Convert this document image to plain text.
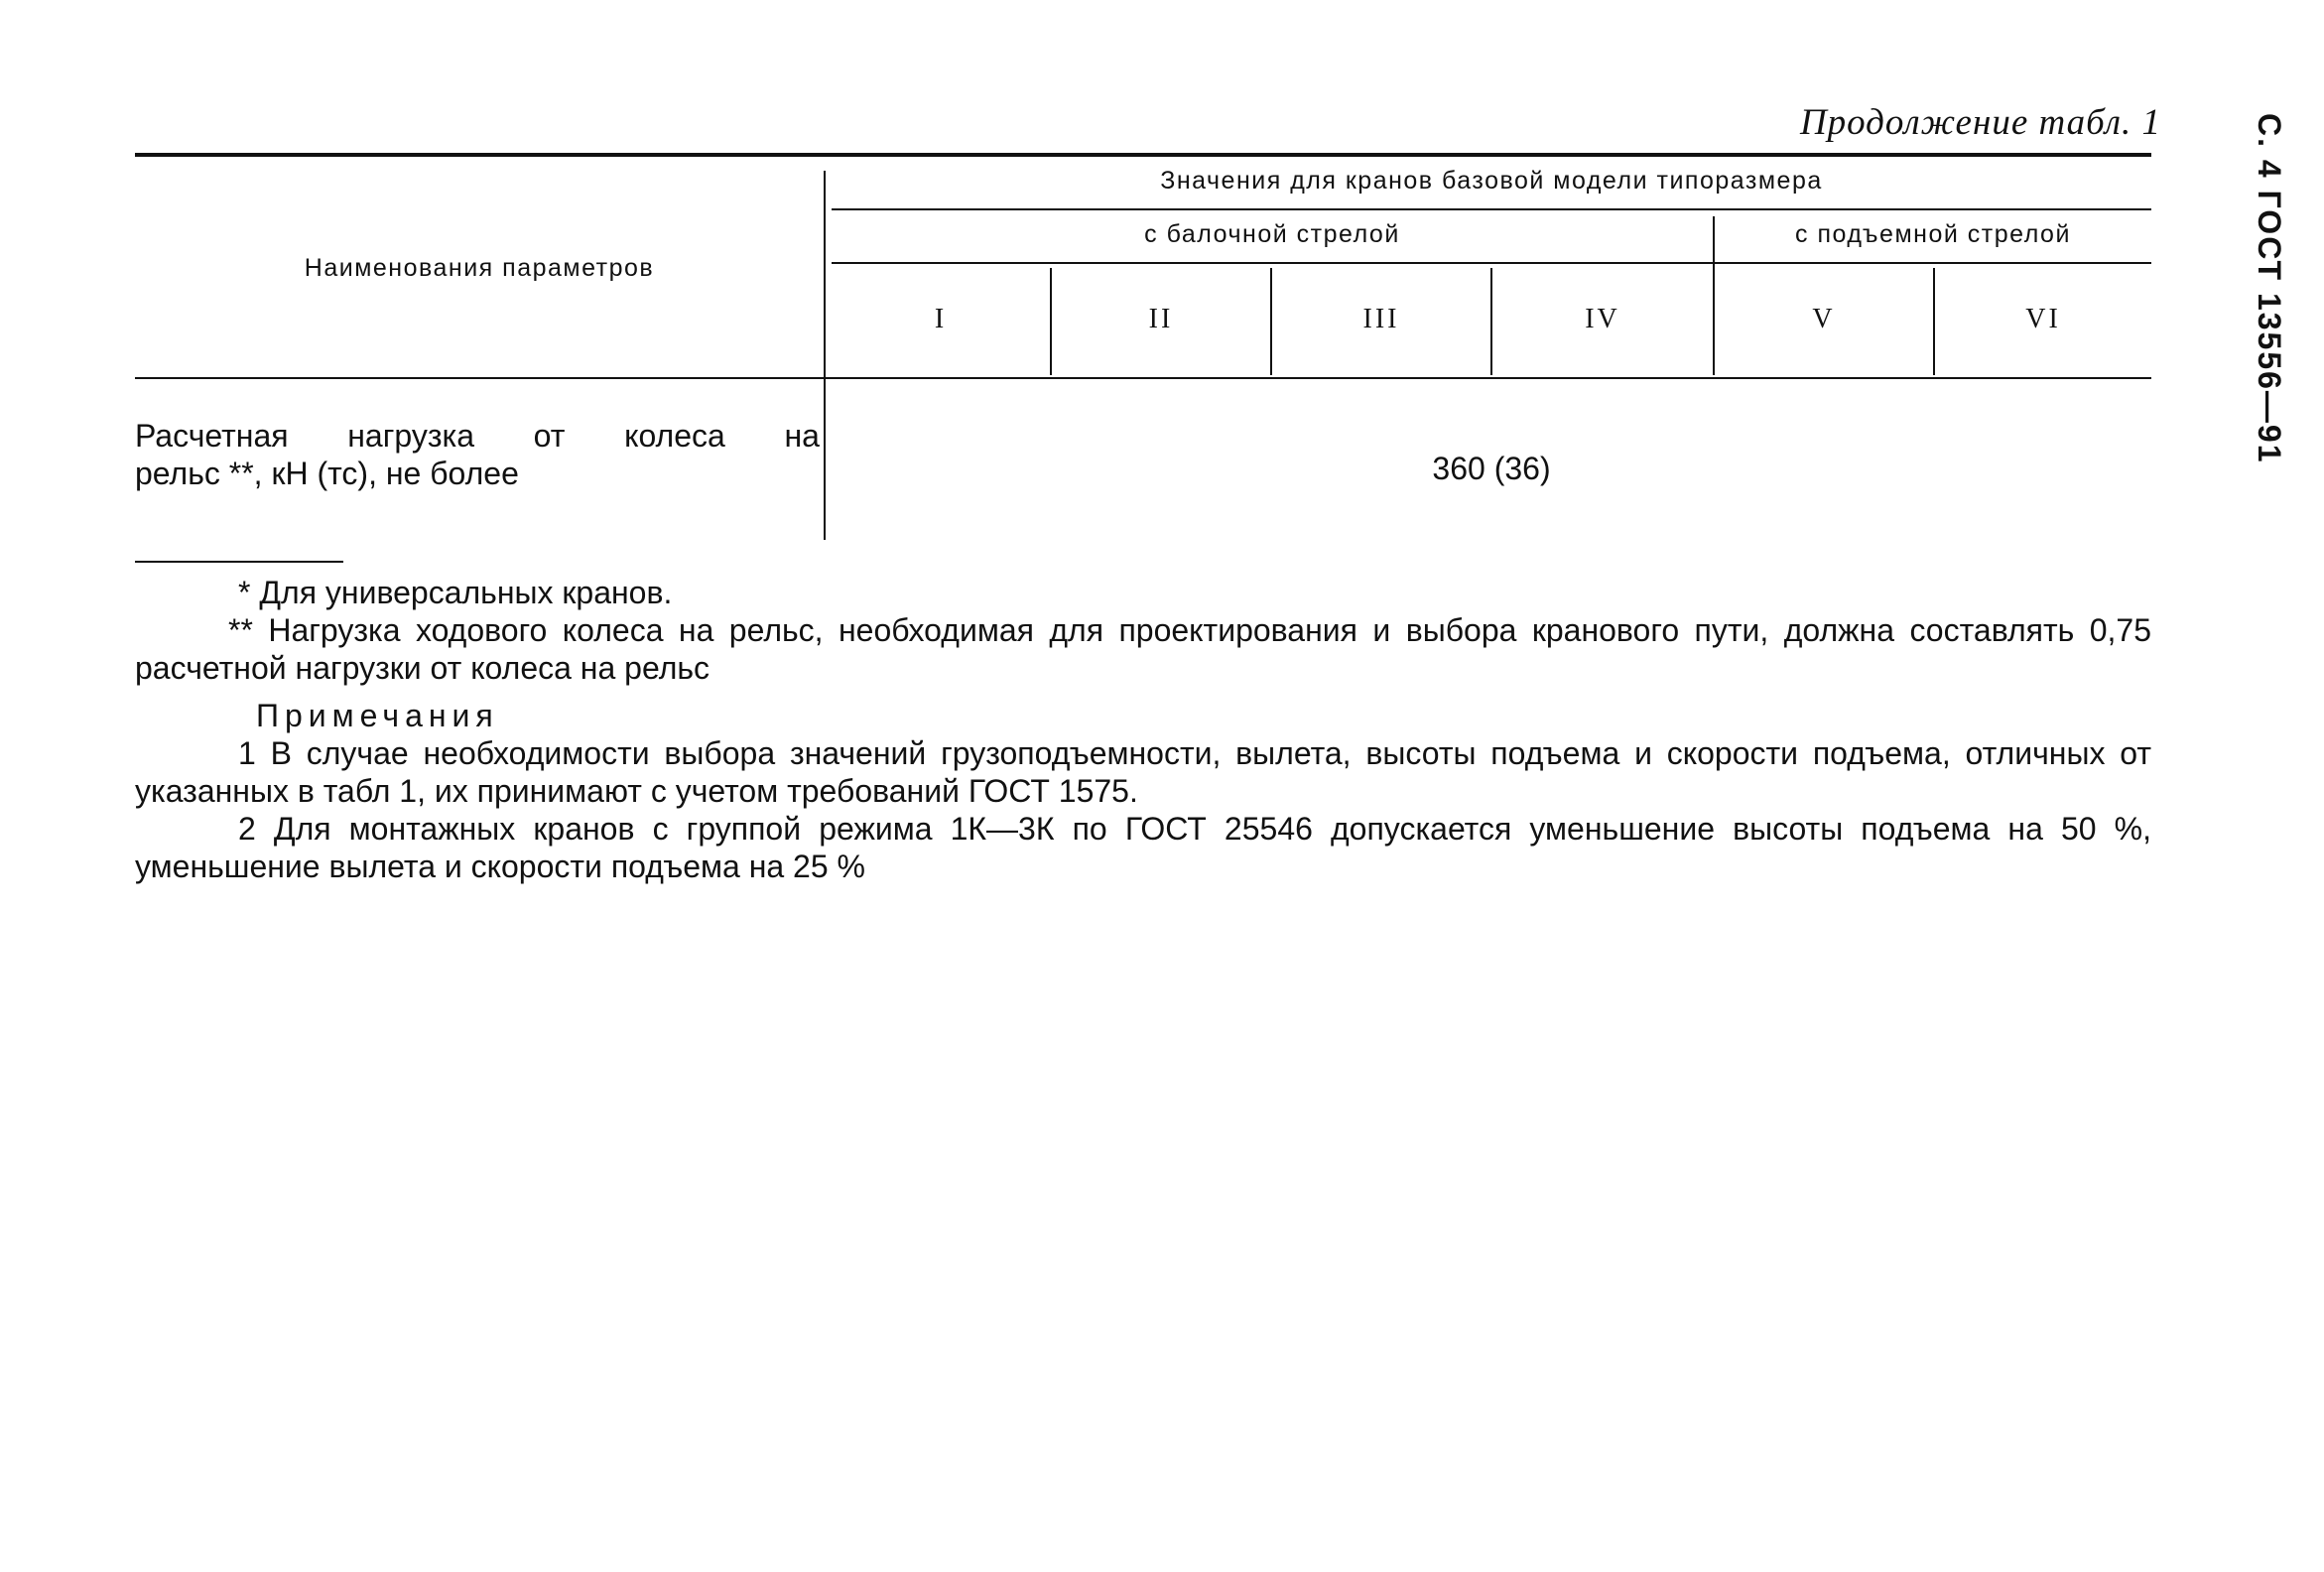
Продолжение табл. 1	С. 4 ГОСТ 13556—91
Наименования параметров
Значения для кранов базовой модели типоразмера
с балочной стрелой	с подъемной стрелой
I	II	III	IV	V	VI
Расчетная нагрузка от колеса на
рельс **, кН (тс), не более	360 (36)

* Для универсальных кранов.

** Нагрузка ходового колеса на рельс, необходимая для проектирования и выбора кранового пути, должна составлять 0,75 расчетной нагрузки от колеса на рельс

Примечания

1 В случае необходимости выбора значений грузоподъемности, вылета, высоты подъема и скорости подъема, отличных от указанных в табл 1, их принимают с учетом требований ГОСТ 1575.

2 Для монтажных кранов с группой режима 1К—3К по ГОСТ 25546 допускается уменьшение высоты подъема на 50 %, уменьшение вылета и скорости подъема на 25 %
